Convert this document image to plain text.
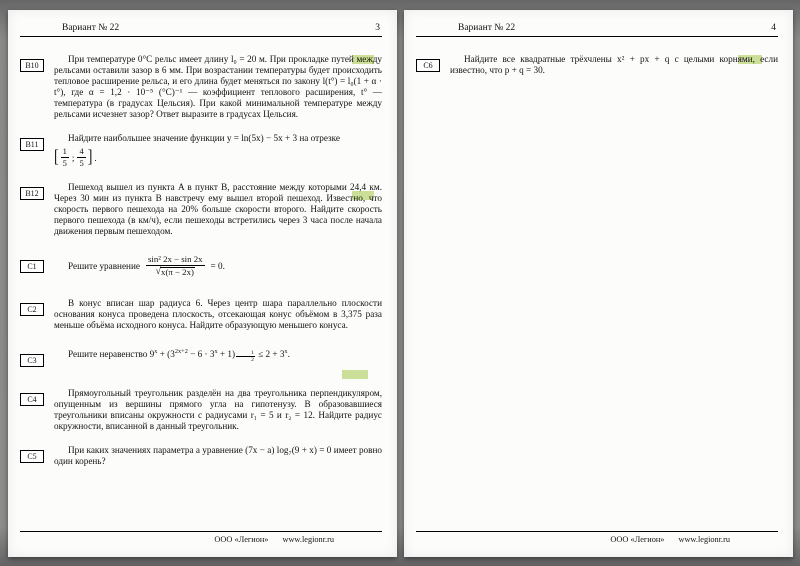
Вариант № 22	3
В10
При температуре 0°C рельс имеет длину l₀ = 20 м. При прокладке путей между рельсами оставили зазор в 6 мм. При возрастании температуры будет происходить тепловое расширение рельса, и его длина будет меняться по закону l(t°) = l₀(1 + α · t°), где α = 1,2 · 10⁻⁵ (°C)⁻¹ — коэффициент теплового расширения, t° — температура (в градусах Цельсия). При какой минимальной температуре между рельсами исчезнет зазор? Ответ выразите в градусах Цельсия.
В11
Найдите наибольшее значение функции y = ln(5x) − 5x + 3 на отрезке
[ $\frac{1}{5}$ ; $\frac{4}{5}$ ] .
В12
Пешеход вышел из пункта A в пункт B, расстояние между которыми 24,4 км. Через 30 мин из пункта B навстречу ему вышел второй пешеход. Известно, что скорость первого пешехода на 20% больше скорости второго. Найдите скорость первого пешехода (в км/ч), если пешеходы встретились через 3 часа после начала движения первым пешеходом.
С1	Решите уравнение $\frac{\text{sin² 2x − sin 2x}}{√ x(\pi - 2x)} = 0$.
С2
В конус вписан шар радиуса 6. Через центр шара параллельно плоскости основания конуса проведена плоскость, отсекающая конус объёмом в 3,375 раза меньше объёма исходного конуса. Найдите образующую меньшего конуса.
С3
Решите неравенство $9^x + (3^{2x+2} - 6 \cdot 3^x + 1) \frac{1}{2} \le 2 + 3^x$.
С4
Прямоугольный треугольник разделён на два треугольника перпендикуляром, опущенным из вершины прямого угла на гипотенузу. В образовавшиеся треугольники вписаны окружности с радиусами r₁ = 5 и r₂ = 12. Найдите радиус окружности, вписанной в данный треугольник.
С5
При каких значениях параметра a уравнение (7x − a) log₇(9 + x) = 0 имеет ровно один корень?
ООО «Легион» www.legionr.ru
Вариант № 22	4
С6
Найдите все квадратные трёхчлены x² + px + q с целыми корнями, если известно, что p + q = 30.
ООО «Легион» www.legionr.ru
